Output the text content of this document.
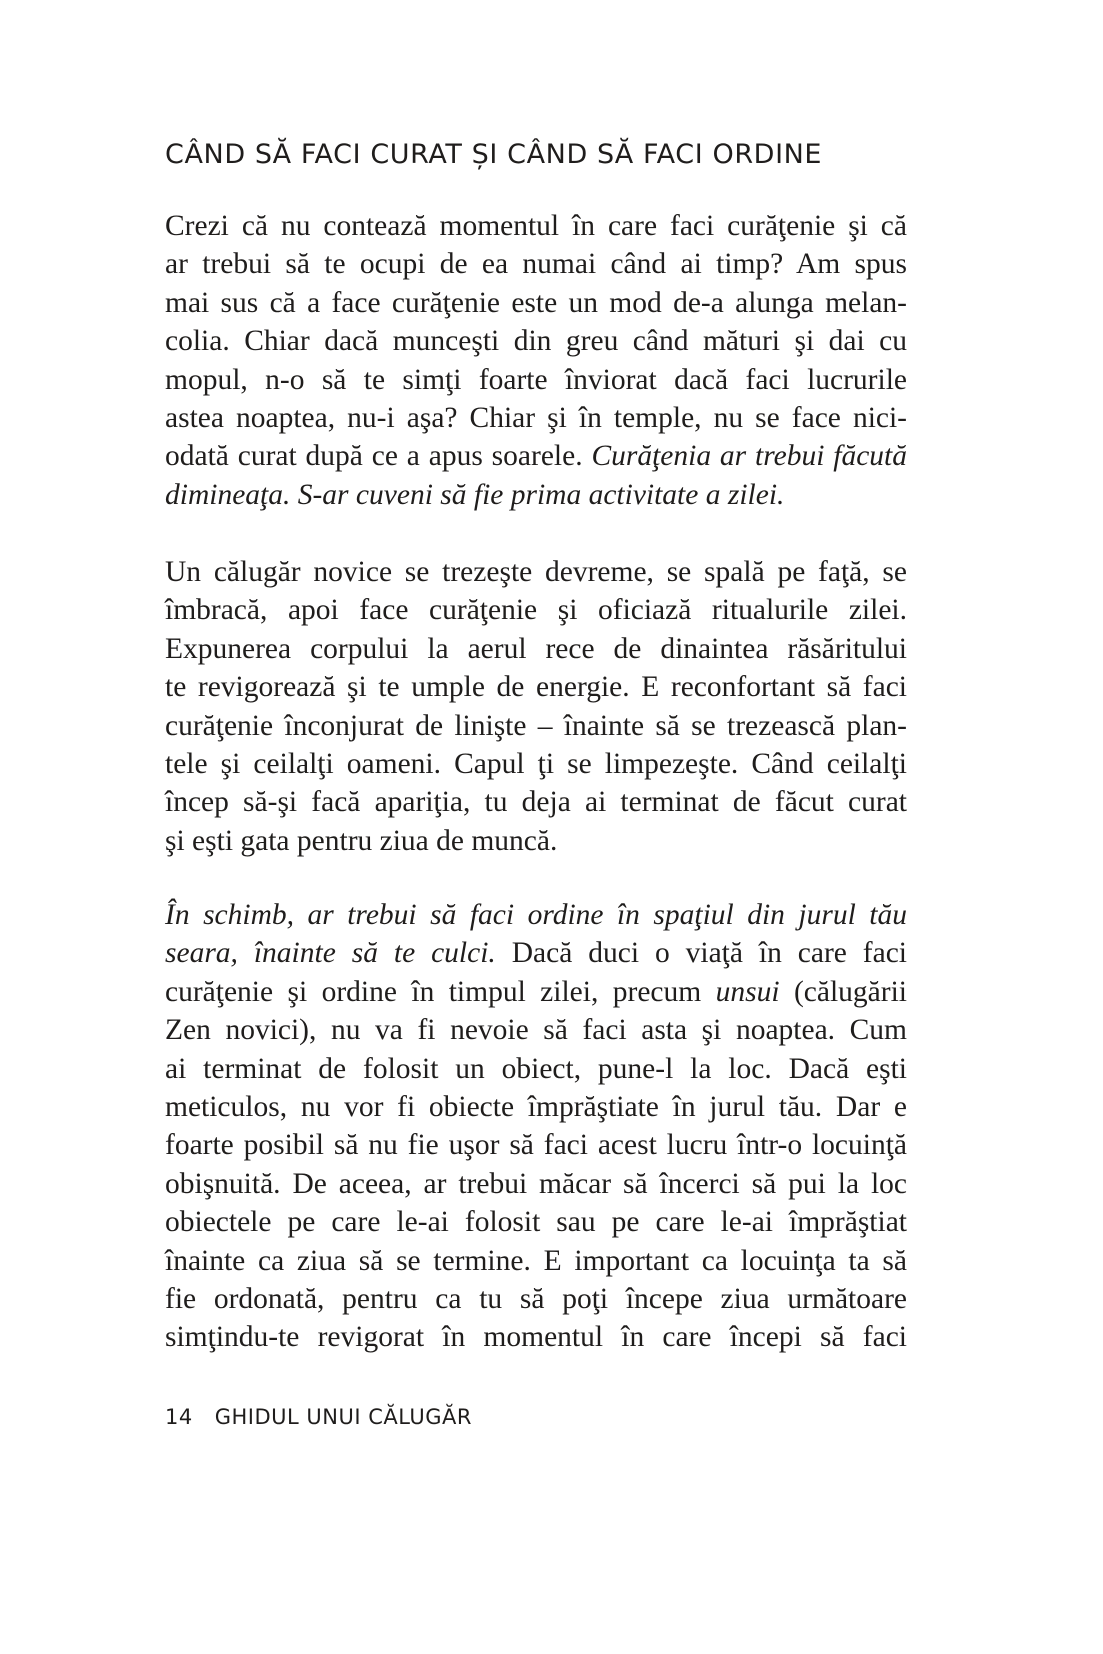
CÂND SĂ FACI CURAT ȘI CÂND SĂ FACI ORDINE
Crezi că nu contează momentul în care faci curăţenie şi că
ar trebui să te ocupi de ea numai când ai timp? Am spus
mai sus că a face curăţenie este un mod de-a alunga melan-
colia. Chiar dacă munceşti din greu când mături şi dai cu
mopul, n-o să te simţi foarte înviorat dacă faci lucrurile
astea noaptea, nu-i aşa? Chiar şi în temple, nu se face nici-
odată curat după ce a apus soarele. Curăţenia ar trebui făcută
dimineaţa. S-ar cuveni să fie prima activitate a zilei.
Un călugăr novice se trezeşte devreme, se spală pe faţă, se
îmbracă, apoi face curăţenie şi oficiază ritualurile zilei.
Expunerea corpului la aerul rece de dinaintea răsăritului
te revigorează şi te umple de energie. E reconfortant să faci
curăţenie înconjurat de linişte – înainte să se trezească plan-
tele şi ceilalţi oameni. Capul ţi se limpezeşte. Când ceilalţi
încep să-şi facă apariţia, tu deja ai terminat de făcut curat
şi eşti gata pentru ziua de muncă.
În schimb, ar trebui să faci ordine în spaţiul din jurul tău
seara, înainte să te culci. Dacă duci o viaţă în care faci
curăţenie şi ordine în timpul zilei, precum unsui (călugării
Zen novici), nu va fi nevoie să faci asta şi noaptea. Cum
ai terminat de folosit un obiect, pune-l la loc. Dacă eşti
meticulos, nu vor fi obiecte împrăştiate în jurul tău. Dar e
foarte posibil să nu fie uşor să faci acest lucru într-o locuinţă
obişnuită. De aceea, ar trebui măcar să încerci să pui la loc
obiectele pe care le-ai folosit sau pe care le-ai împrăştiat
înainte ca ziua să se termine. E important ca locuinţa ta să
fie ordonată, pentru ca tu să poţi începe ziua următoare
simţindu-te revigorat în momentul în care începi să faci
14 GHIDUL UNUI CĂLUGĂR
